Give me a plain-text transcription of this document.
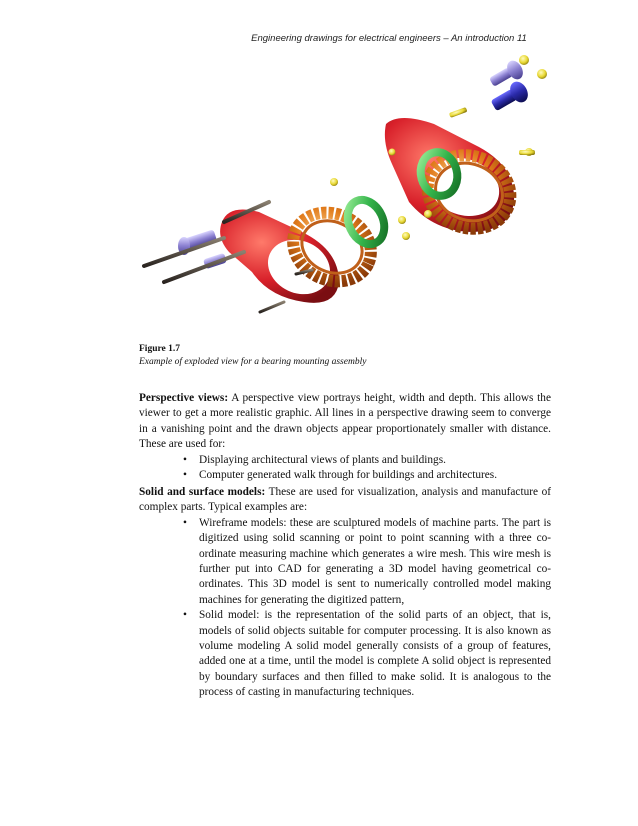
Engineering drawings for electrical engineers – An introduction 11
Figure 1.7
Example of exploded view for a bearing mounting assembly
Perspective views: A perspective view portrays height, width and depth. This allows the viewer to get a more realistic graphic. All lines in a perspective drawing seem to converge in a vanishing point and the drawn objects appear proportionately smaller with distance. These are used for:
• Displaying architectural views of plants and buildings.
• Computer generated walk through for buildings and architectures.
Solid and surface models: These are used for visualization, analysis and manufacture of complex parts. Typical examples are:
• Wireframe models: these are sculptured models of machine parts. The part is digitized using solid scanning or point to point scanning with a three co-ordinate measuring machine which generates a wire mesh. This wire mesh is further put into CAD for generating a 3D model having geometrical co-ordinates. This 3D model is sent to numerically controlled model making machines for generating the digitized pattern,
• Solid model: is the representation of the solid parts of an object, that is, models of solid objects suitable for computer processing. It is also known as volume modeling A solid model generally consists of a group of features, added one at a time, until the model is complete A solid object is represented by boundary surfaces and then filled to make solid. It is analogous to the process of casting in manufacturing techniques.
